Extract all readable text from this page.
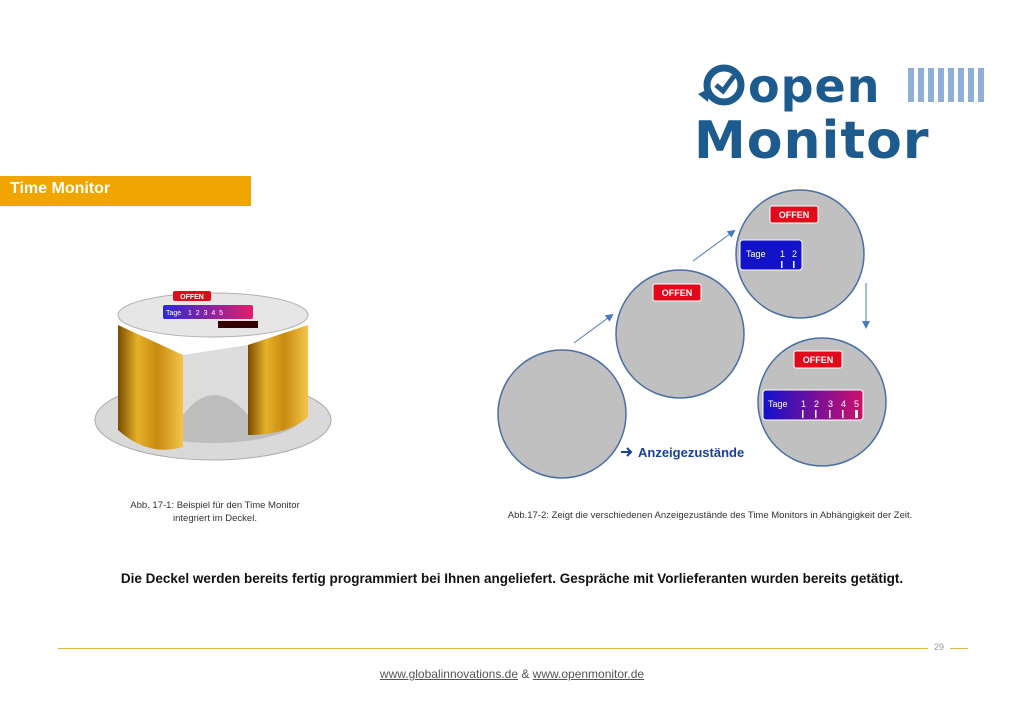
open
Monitor
Time Monitor
OFFEN
Tage 1  2  3  4  5
Abb. 17-1: Beispiel für den Time Monitor
integriert im Deckel.
OFFEN
OFFEN
Tage 1 2
OFFEN
Tage 1 2 3 4 5
Anzeigezustände
Abb.17-2: Zeigt die verschiedenen Anzeigezustände des Time Monitors in Abhängigkeit der Zeit.
Die Deckel werden bereits fertig programmiert bei Ihnen angeliefert. Gespräche mit Vorlieferanten wurden bereits getätigt.
29
www.globalinnovations.de & www.openmonitor.de
